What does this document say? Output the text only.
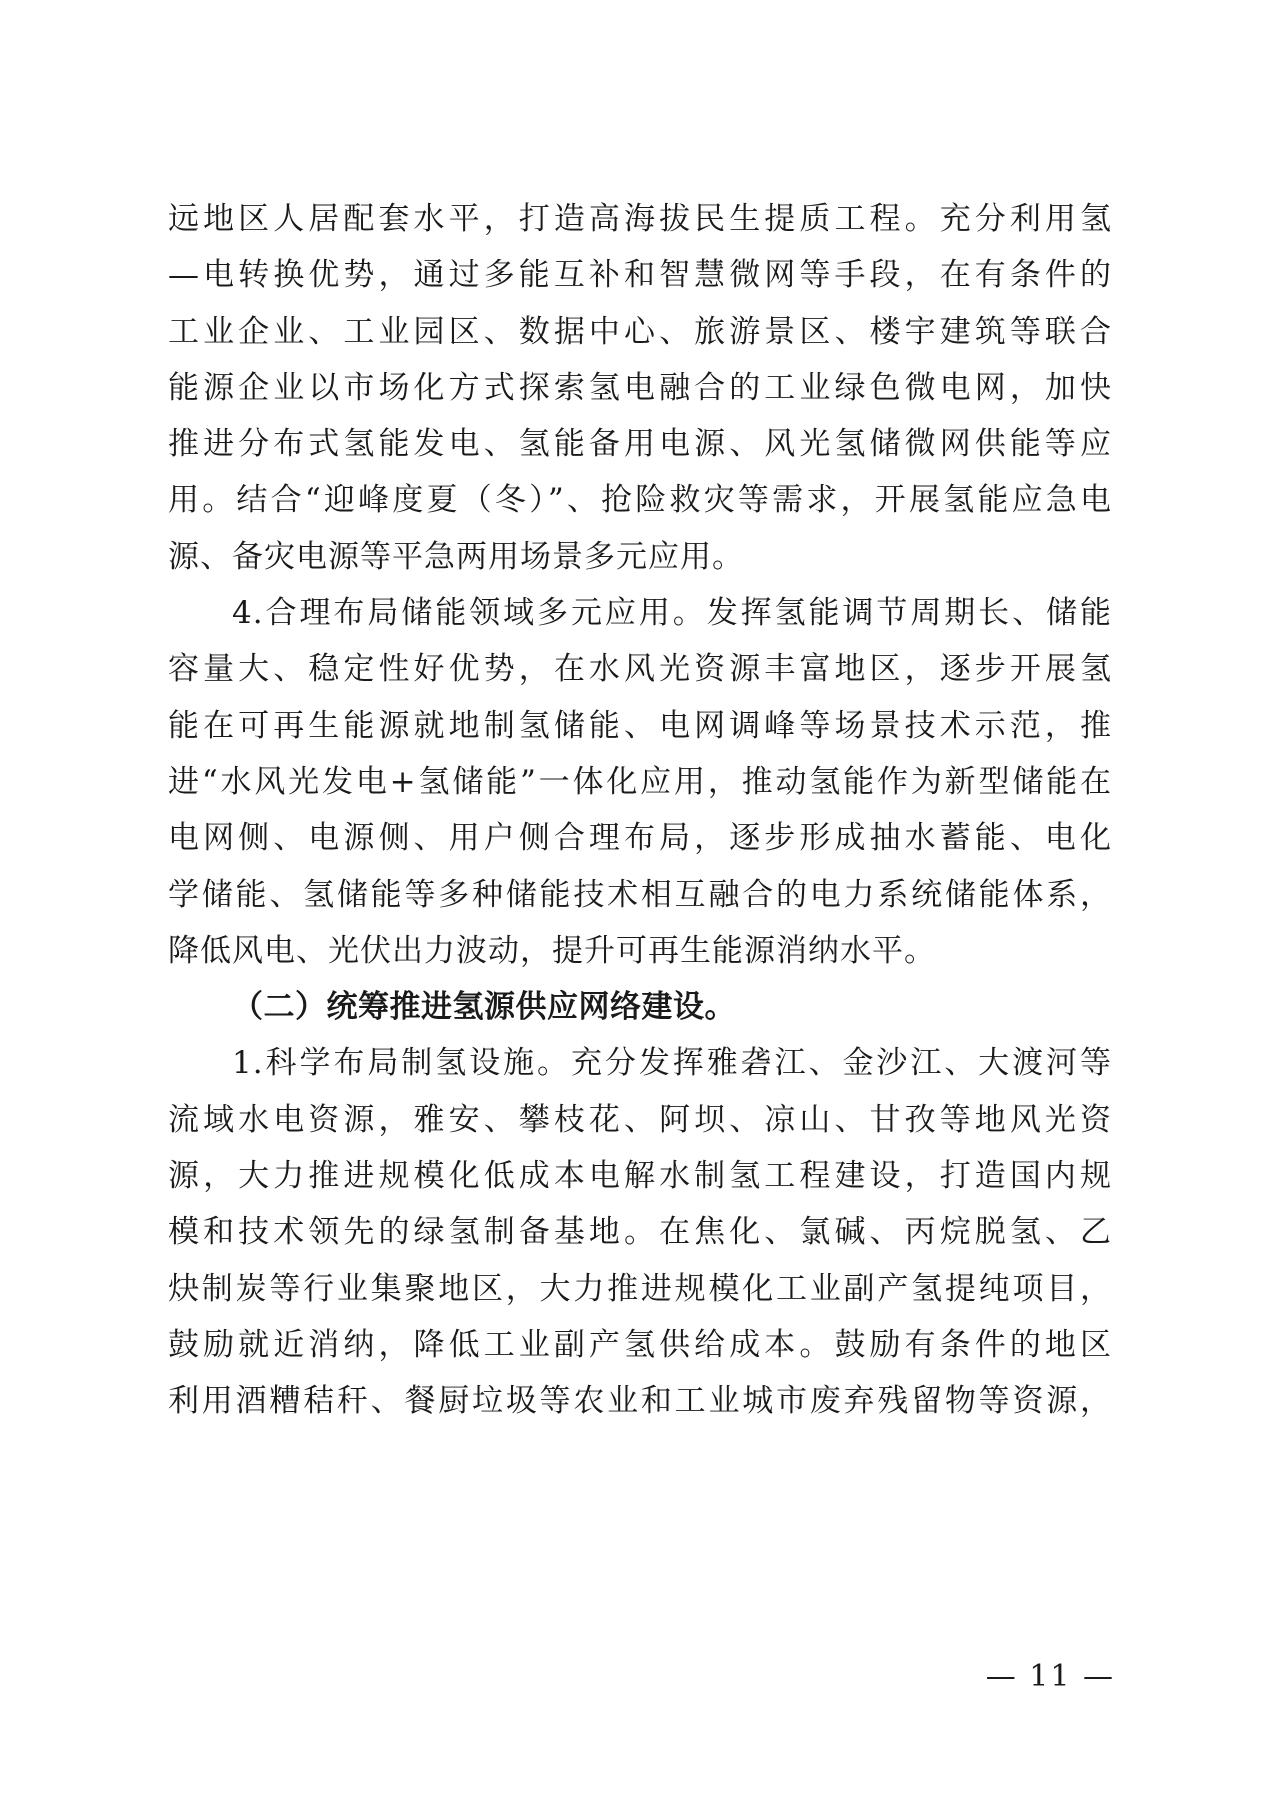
远地区人居配套水平，打造高海拔民生提质工程。充分利用氢
—电转换优势，通过多能互补和智慧微网等手段，在有条件的
工业企业、工业园区、数据中心、旅游景区、楼宇建筑等联合
能源企业以市场化方式探索氢电融合的工业绿色微电网，加快
推进分布式氢能发电、氢能备用电源、风光氢储微网供能等应
用。结合“迎峰度夏（冬）”、抢险救灾等需求，开展氢能应急电
源、备灾电源等平急两用场景多元应用。
4.合理布局储能领域多元应用。发挥氢能调节周期长、储能
容量大、稳定性好优势，在水风光资源丰富地区，逐步开展氢
能在可再生能源就地制氢储能、电网调峰等场景技术示范，推
进“水风光发电+氢储能”一体化应用，推动氢能作为新型储能在
电网侧、电源侧、用户侧合理布局，逐步形成抽水蓄能、电化
学储能、氢储能等多种储能技术相互融合的电力系统储能体系，
降低风电、光伏出力波动，提升可再生能源消纳水平。
（二）统筹推进氢源供应网络建设。
1.科学布局制氢设施。充分发挥雅砻江、金沙江、大渡河等
流域水电资源，雅安、攀枝花、阿坝、凉山、甘孜等地风光资
源，大力推进规模化低成本电解水制氢工程建设，打造国内规
模和技术领先的绿氢制备基地。在焦化、氯碱、丙烷脱氢、乙
炔制炭等行业集聚地区，大力推进规模化工业副产氢提纯项目，
鼓励就近消纳，降低工业副产氢供给成本。鼓励有条件的地区
利用酒糟秸秆、餐厨垃圾等农业和工业城市废弃残留物等资源，
— 11 —
